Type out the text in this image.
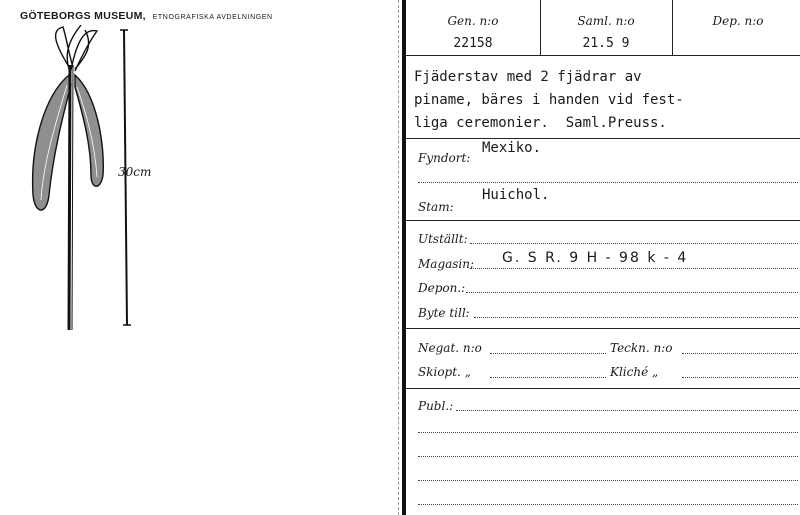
GÖTEBORGS MUSEUM, ETNOGRAFISKA AVDELNINGEN
30cm
Gen. n:o
22158
Saml. n:o
21.5 9
Dep. n:o
Fjäderstav med 2 fjädrar av
piname, bäres i handen vid fest-
liga ceremonier.  Saml.Preuss.
Fyndort:
Mexiko.
Stam:
Huichol.
Utställt:
Magasin: G. S R. 9 H - 98 k - 4
Depon.:
Byte till:
Negat. n:o	Teckn. n:o
Skiopt. „	Kliché „
Publ.:
